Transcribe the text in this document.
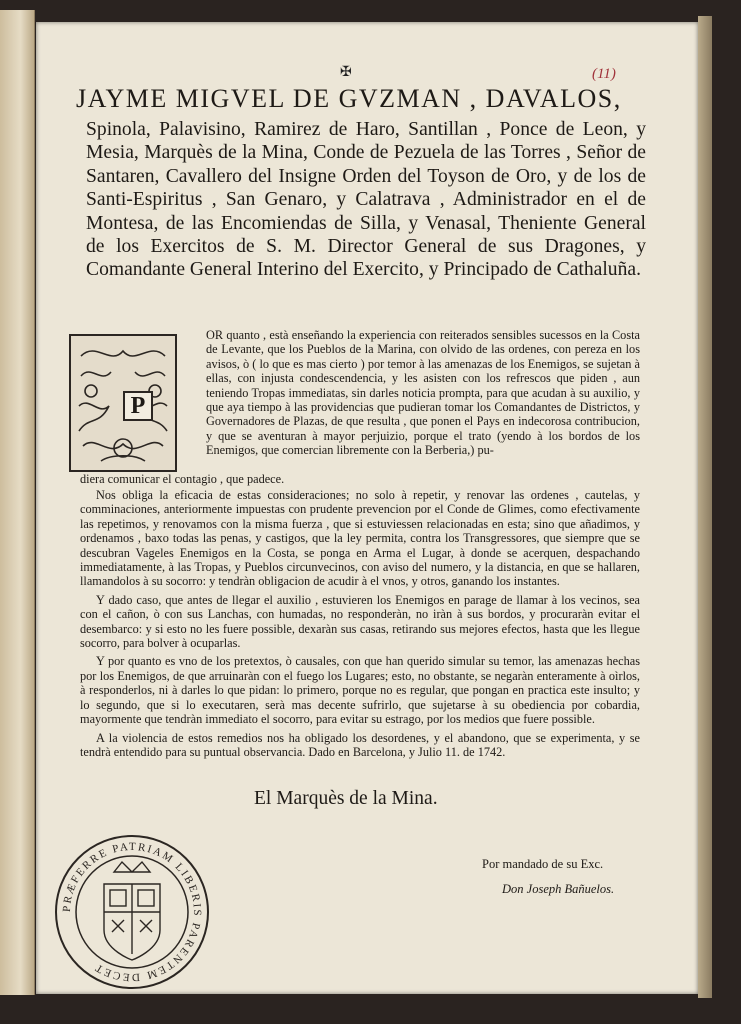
✠	(11)
JAYME MIGVEL DE GVZMAN , DAVALOS,
Spinola, Palavisino, Ramirez de Haro, Santillan , Ponce de Leon, y Mesia, Marquès de la Mina, Conde de Pezuela de las Torres , Señor de Santaren, Cavallero del Insigne Orden del Toyson de Oro, y de los de Santi-Espiritus , San Genaro, y Calatrava , Administrador en el de Montesa, de las Encomiendas de Silla, y Venasal, Theniente General de los Exercitos de S. M. Director General de sus Dragones, y Comandante General Interino del Exercito, y Principado de Cathaluña.
P
OR quanto , està enseñando la experiencia con reiterados sensibles sucessos en la Costa de Levante, que los Pueblos de la Marina, con olvido de las ordenes, con pereza en los avisos, ò ( lo que es mas cierto ) por temor à las amenazas de los Enemigos, se sujetan à ellas, con injusta condescendencia, y les asisten con los refrescos que piden , aun teniendo Tropas immediatas, sin darles noticia prompta, para que acudan à su auxilio, y que aya tiempo à las providencias que pudieran tomar los Comandantes de Districtos, y Governadores de Plazas, de que resulta , que ponen el Pays en indecorosa contribucion, y que se aventuran à mayor perjuizio, porque el trato (yendo à los bordos de los Enemigos, que comercian libremente con la Berberia,) pu-
diera comunicar el contagio , que padece.

Nos obliga la eficacia de estas consideraciones; no solo à repetir, y renovar las ordenes , cautelas, y comminaciones, anteriormente impuestas con prudente prevencion por el Conde de Glimes, como efectivamente las repetimos, y renovamos con la misma fuerza , que si estuviessen relacionadas en esta; sino que añadimos, y ordenamos , baxo todas las penas, y castigos, que la ley permita, contra los Transgressores, que siempre que se descubran Vageles Enemigos en la Costa, se ponga en Arma el Lugar, à donde se acerquen, despachando immediatamente, à las Tropas, y Pueblos circunvecinos, con aviso del numero, y la distancia, en que se hallaren, llamandolos à su socorro: y tendràn obligacion de acudir à el vnos, y otros, ganando los instantes.

Y dado caso, que antes de llegar el auxilio , estuvieren los Enemigos en parage de llamar à los vecinos, sea con el cañon, ò con sus Lanchas, con humadas, no responderàn, no iràn à sus bordos, y procuraràn evitar el desembarco: y si esto no les fuere possible, dexaràn sus casas, retirando sus mejores efectos, hasta que les llegue socorro, para bolver à ocuparlas.

Y por quanto es vno de los pretextos, ò causales, con que han querido simular su temor, las amenazas hechas por los Enemigos, de que arruinaràn con el fuego los Lugares; esto, no obstante, se negaràn enteramente à oìrlos, à responderlos, ni à darles lo que pidan: lo primero, porque no es regular, que pongan en practica este insulto; y lo segundo, que si lo executaren, serà mas decente sufrirlo, que sujetarse à su obediencia por cobardia, mayormente que tendràn immediato el socorro, para evitar su estrago, por los medios que fuere possible.

A la violencia de estos remedios nos ha obligado los desordenes, y el abandono, que se experimenta, y se tendrà entendido para su puntual observancia. Dado en Barcelona, y Julio 11. de 1742.

El Marquès de la Mina.
PRÆFERRE PATRIAM LIBERIS PARENTEM DECET
Por mandado de su Exc.
Don Joseph Bañuelos.
